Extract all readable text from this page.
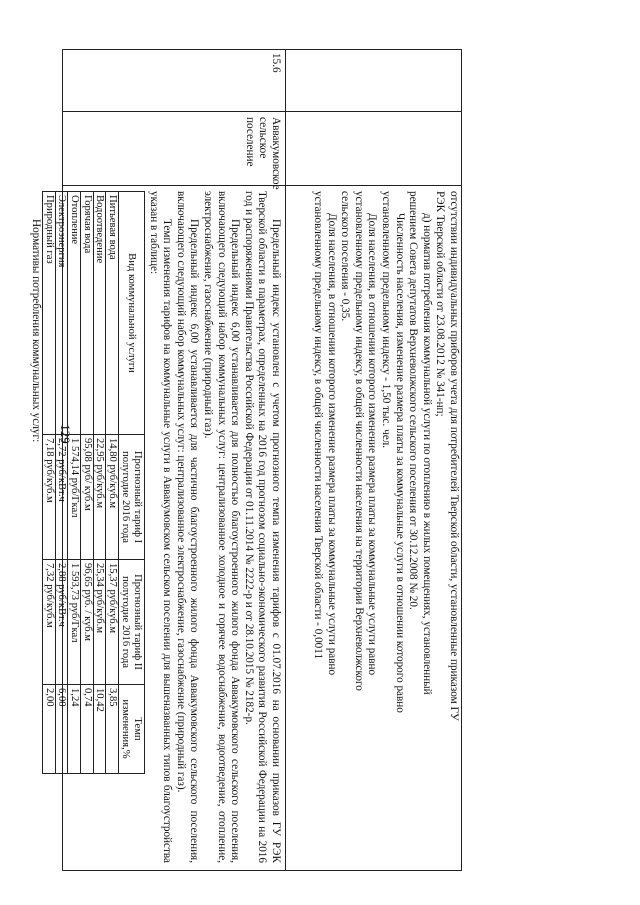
129	отсутствии индивидуальных приборов учета для потребителей Тверской области, установленные приказом ГУ
РЭК Тверской области от 23.08.2012 № 341-нп;
д) норматив потребления коммунальной услуги по отоплению в жилых помещениях, установленный
решением Совета депутатов Верхневолжского сельского поселения от 30.12.2008 № 20.
Численность населения, изменение размера платы за коммунальные услуги в отношении которого равно
установленному предельному индексу - 1,50 тыс. чел.
Доля населения, в отношении которого изменение размера платы за коммунальные услуги равно
установленному предельному индексу, в общей численности населения на территории Верхневолжского
сельского поселения - 0,35.
Доля населения, в отношении которого изменение размера платы за коммунальные услуги равно
установленному предельному индексу, в общей численности населения Тверской области - 0,0011
15.6
Аввакумовское сельское поселение
Предельный индекс установлен с учетом прогнозного темпа изменения тарифов с 01.07.2016 на основании приказов ГУ РЭК Тверской области в параметрах, определенных на 2016 год прогнозом социально-экономического развития Российской Федерации на 2016 год и распоряжениями Правительства Российской Федерации от 01.11.2014 № 2222-р и от 28.10.2015 № 2182-р.
Предельный индекс 6,00 устанавливается для полностью благоустроенного жилого фонда Аввакумовского сельского поселения, включающего следующий набор коммунальных услуг: централизованное холодное и горячее водоснабжение, водоотведение, отопление, электроснабжение, газоснабжение (природный газ).
Предельный индекс 6,00 устанавливается для частично благоустроенного жилого фонда Аввакумовского сельского поселения, включающего следующий набор коммунальных услуг: централизованное электроснабжение, газоснабжение (природный газ).
Темп изменения тарифов на коммунальные услуги в Аввакумовском сельском поселении для вышеназванных типов благоустройства указан в таблице:
Вид коммунальной услуги	Прогнозный тариф I полугодие 2016 года	Прогнозный тариф II полугодие 2016 года	Темп изменения,%
Питьевая вода	14,80 руб/куб.м	15,37 руб/куб.м	3,85
Водоотведение	22,95 руб/куб.м	25,34 руб/куб.м	10,42
Горячая вода	95,08 руб/ куб.м	96,65 руб. / куб.м	0,74
Отопление	1 574,14 руб/Гкал	1 593,73 руб/Гкал	1,24
Электроэнергия	2,72 руб/кВт.ч	2,88 руб/кВт.ч	6,00
Природный газ	7,18 руб/куб.м	7,32 руб/куб.м	2,00
Нормативы потребления коммунальных услуг:
